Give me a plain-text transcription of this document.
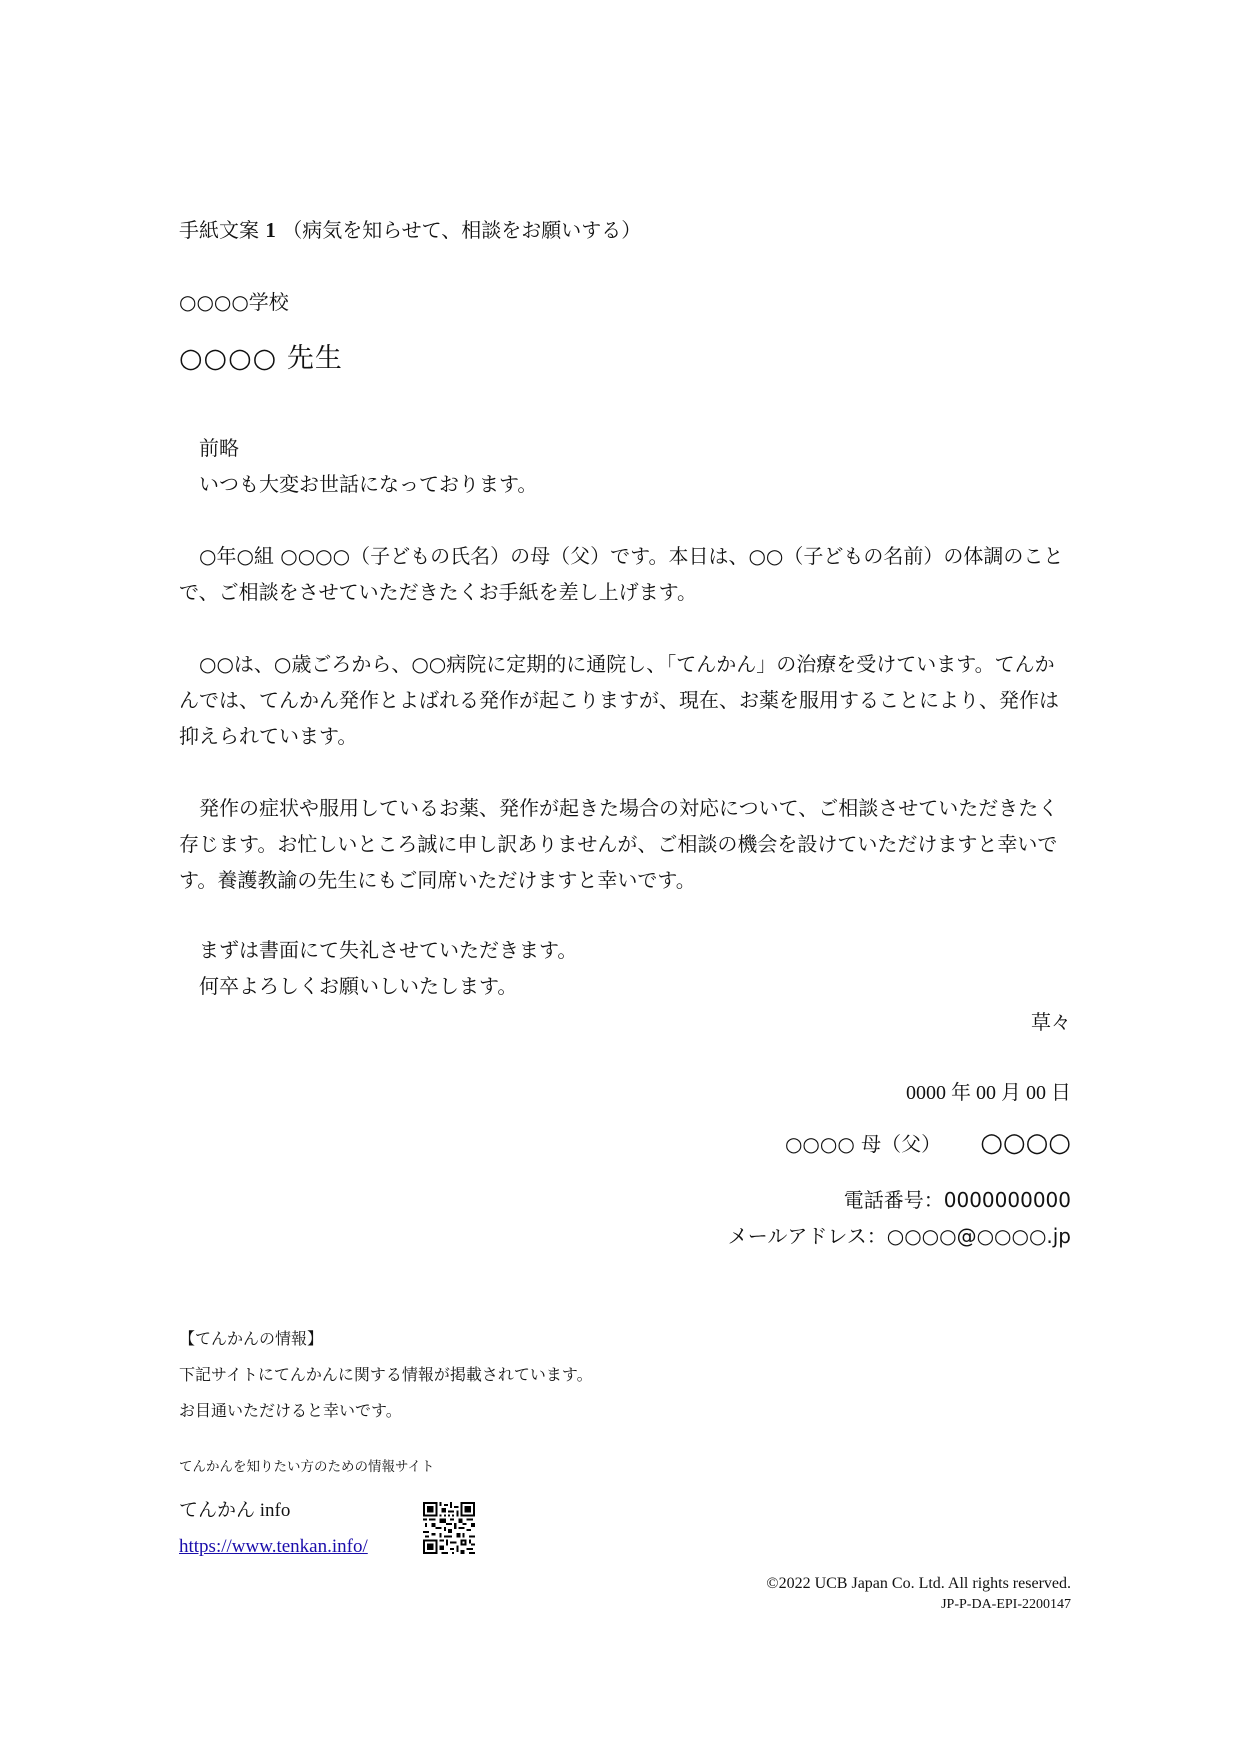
手紙文案 1 （病気を知らせて、相談をお願いする）
○○○○学校
○○○○ 先生
前略
いつも大変お世話になっております。
○年○組 ○○○○（子どもの氏名）の母（父）です。本日は、○○（子どもの名前）の体調のことで、ご相談をさせていただきたくお手紙を差し上げます。
○○は、○歳ごろから、○○病院に定期的に通院し、「てんかん」の治療を受けています。てんかんでは、てんかん発作とよばれる発作が起こりますが、現在、お薬を服用することにより、発作は抑えられています。
発作の症状や服用しているお薬、発作が起きた場合の対応について、ご相談させていただきたく存じます。お忙しいところ誠に申し訳ありませんが、ご相談の機会を設けていただけますと幸いです。養護教諭の先生にもご同席いただけますと幸いです。
まずは書面にて失礼させていただきます。
何卒よろしくお願いしいたします。
草々
0000 年 00 月 00 日
○○○○ 母（父） ○○○○
電話番号：0000000000
メールアドレス：○○○○@○○○○.jp
【てんかんの情報】
下記サイトにてんかんに関する情報が掲載されています。
お目通いただけると幸いです。
てんかんを知りたい方のための情報サイト
てんかん info
https://www.tenkan.info/
©2022 UCB Japan Co. Ltd. All rights reserved.
JP-P-DA-EPI-2200147
